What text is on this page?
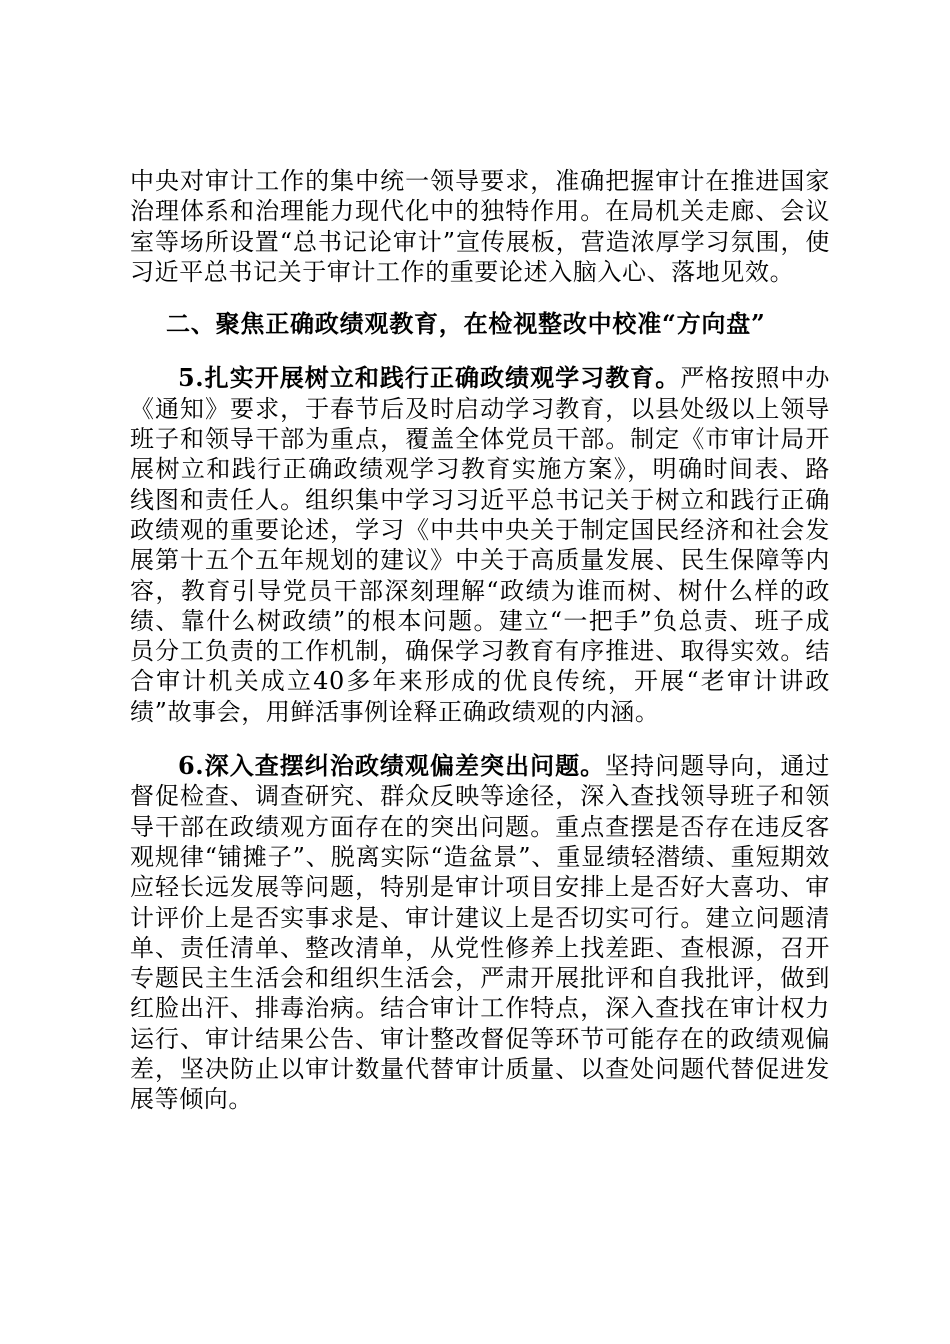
中央对审计工作的集中统一领导要求，准确把握审计在推进国家治理体系和治理能力现代化中的独特作用。在局机关走廊、会议室等场所设置“总书记论审计”宣传展板，营造浓厚学习氛围，使习近平总书记关于审计工作的重要论述入脑入心、落地见效。

二、聚焦正确政绩观教育，在检视整改中校准“方向盘”

5.扎实开展树立和践行正确政绩观学习教育。严格按照中办《通知》要求，于春节后及时启动学习教育，以县处级以上领导班子和领导干部为重点，覆盖全体党员干部。制定《市审计局开展树立和践行正确政绩观学习教育实施方案》，明确时间表、路线图和责任人。组织集中学习习近平总书记关于树立和践行正确政绩观的重要论述，学习《中共中央关于制定国民经济和社会发展第十五个五年规划的建议》中关于高质量发展、民生保障等内容，教育引导党员干部深刻理解“政绩为谁而树、树什么样的政绩、靠什么树政绩”的根本问题。建立“一把手”负总责、班子成员分工负责的工作机制，确保学习教育有序推进、取得实效。结合审计机关成立40多年来形成的优良传统，开展“老审计讲政绩”故事会，用鲜活事例诠释正确政绩观的内涵。

6.深入查摆纠治政绩观偏差突出问题。坚持问题导向，通过督促检查、调查研究、群众反映等途径，深入查找领导班子和领导干部在政绩观方面存在的突出问题。重点查摆是否存在违反客观规律“铺摊子”、脱离实际“造盆景”、重显绩轻潜绩、重短期效应轻长远发展等问题，特别是审计项目安排上是否好大喜功、审计评价上是否实事求是、审计建议上是否切实可行。建立问题清单、责任清单、整改清单，从党性修养上找差距、查根源，召开专题民主生活会和组织生活会，严肃开展批评和自我批评，做到红脸出汗、排毒治病。结合审计工作特点，深入查找在审计权力运行、审计结果公告、审计整改督促等环节可能存在的政绩观偏差，坚决防止以审计数量代替审计质量、以查处问题代替促进发展等倾向。
